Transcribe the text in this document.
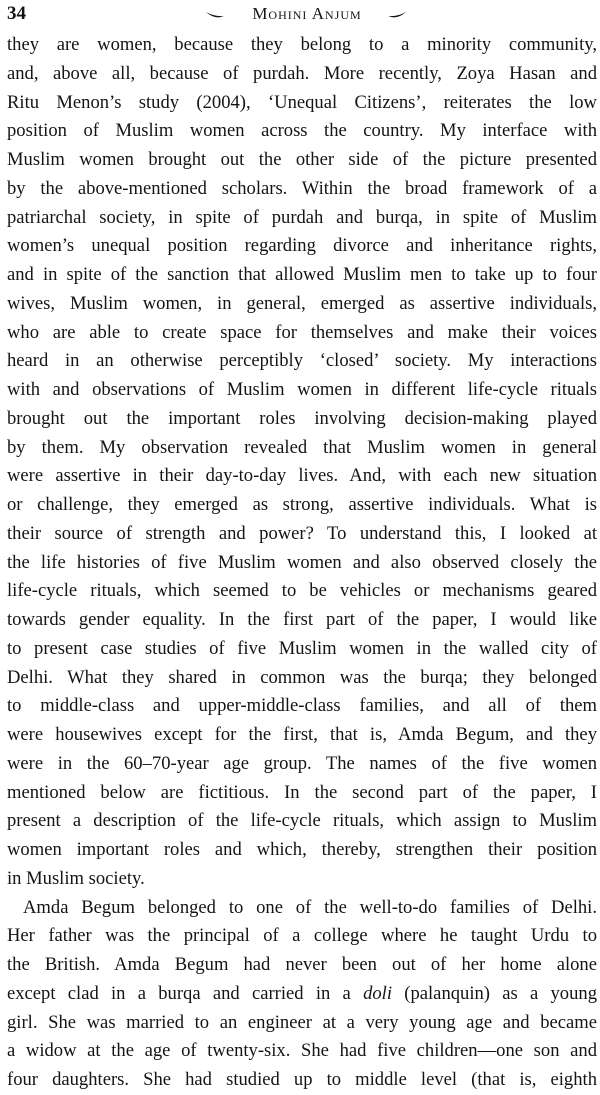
34	Mohini Anjum
they are women, because they belong to a minority community,
and, above all, because of purdah. More recently, Zoya Hasan and
Ritu Menon’s study (2004), ‘Unequal Citizens’, reiterates the low
position of Muslim women across the country. My interface with
Muslim women brought out the other side of the picture presented
by the above-mentioned scholars. Within the broad framework of a
patriarchal society, in spite of purdah and burqa, in spite of Muslim
women’s unequal position regarding divorce and inheritance rights,
and in spite of the sanction that allowed Muslim men to take up to four
wives, Muslim women, in general, emerged as assertive individuals,
who are able to create space for themselves and make their voices
heard in an otherwise perceptibly ‘closed’ society. My interactions
with and observations of Muslim women in different life-cycle rituals
brought out the important roles involving decision-making played
by them. My observation revealed that Muslim women in general
were assertive in their day-to-day lives. And, with each new situation
or challenge, they emerged as strong, assertive individuals. What is
their source of strength and power? To understand this, I looked at
the life histories of five Muslim women and also observed closely the
life-cycle rituals, which seemed to be vehicles or mechanisms geared
towards gender equality. In the first part of the paper, I would like
to present case studies of five Muslim women in the walled city of
Delhi. What they shared in common was the burqa; they belonged
to middle-class and upper-middle-class families, and all of them
were housewives except for the first, that is, Amda Begum, and they
were in the 60–70-year age group. The names of the five women
mentioned below are fictitious. In the second part of the paper, I
present a description of the life-cycle rituals, which assign to Muslim
women important roles and which, thereby, strengthen their position
in Muslim society.
Amda Begum belonged to one of the well-to-do families of Delhi.
Her father was the principal of a college where he taught Urdu to
the British. Amda Begum had never been out of her home alone
except clad in a burqa and carried in a doli (palanquin) as a young
girl. She was married to an engineer at a very young age and became
a widow at the age of twenty-six. She had five children—one son and
four daughters. She had studied up to middle level (that is, eighth
